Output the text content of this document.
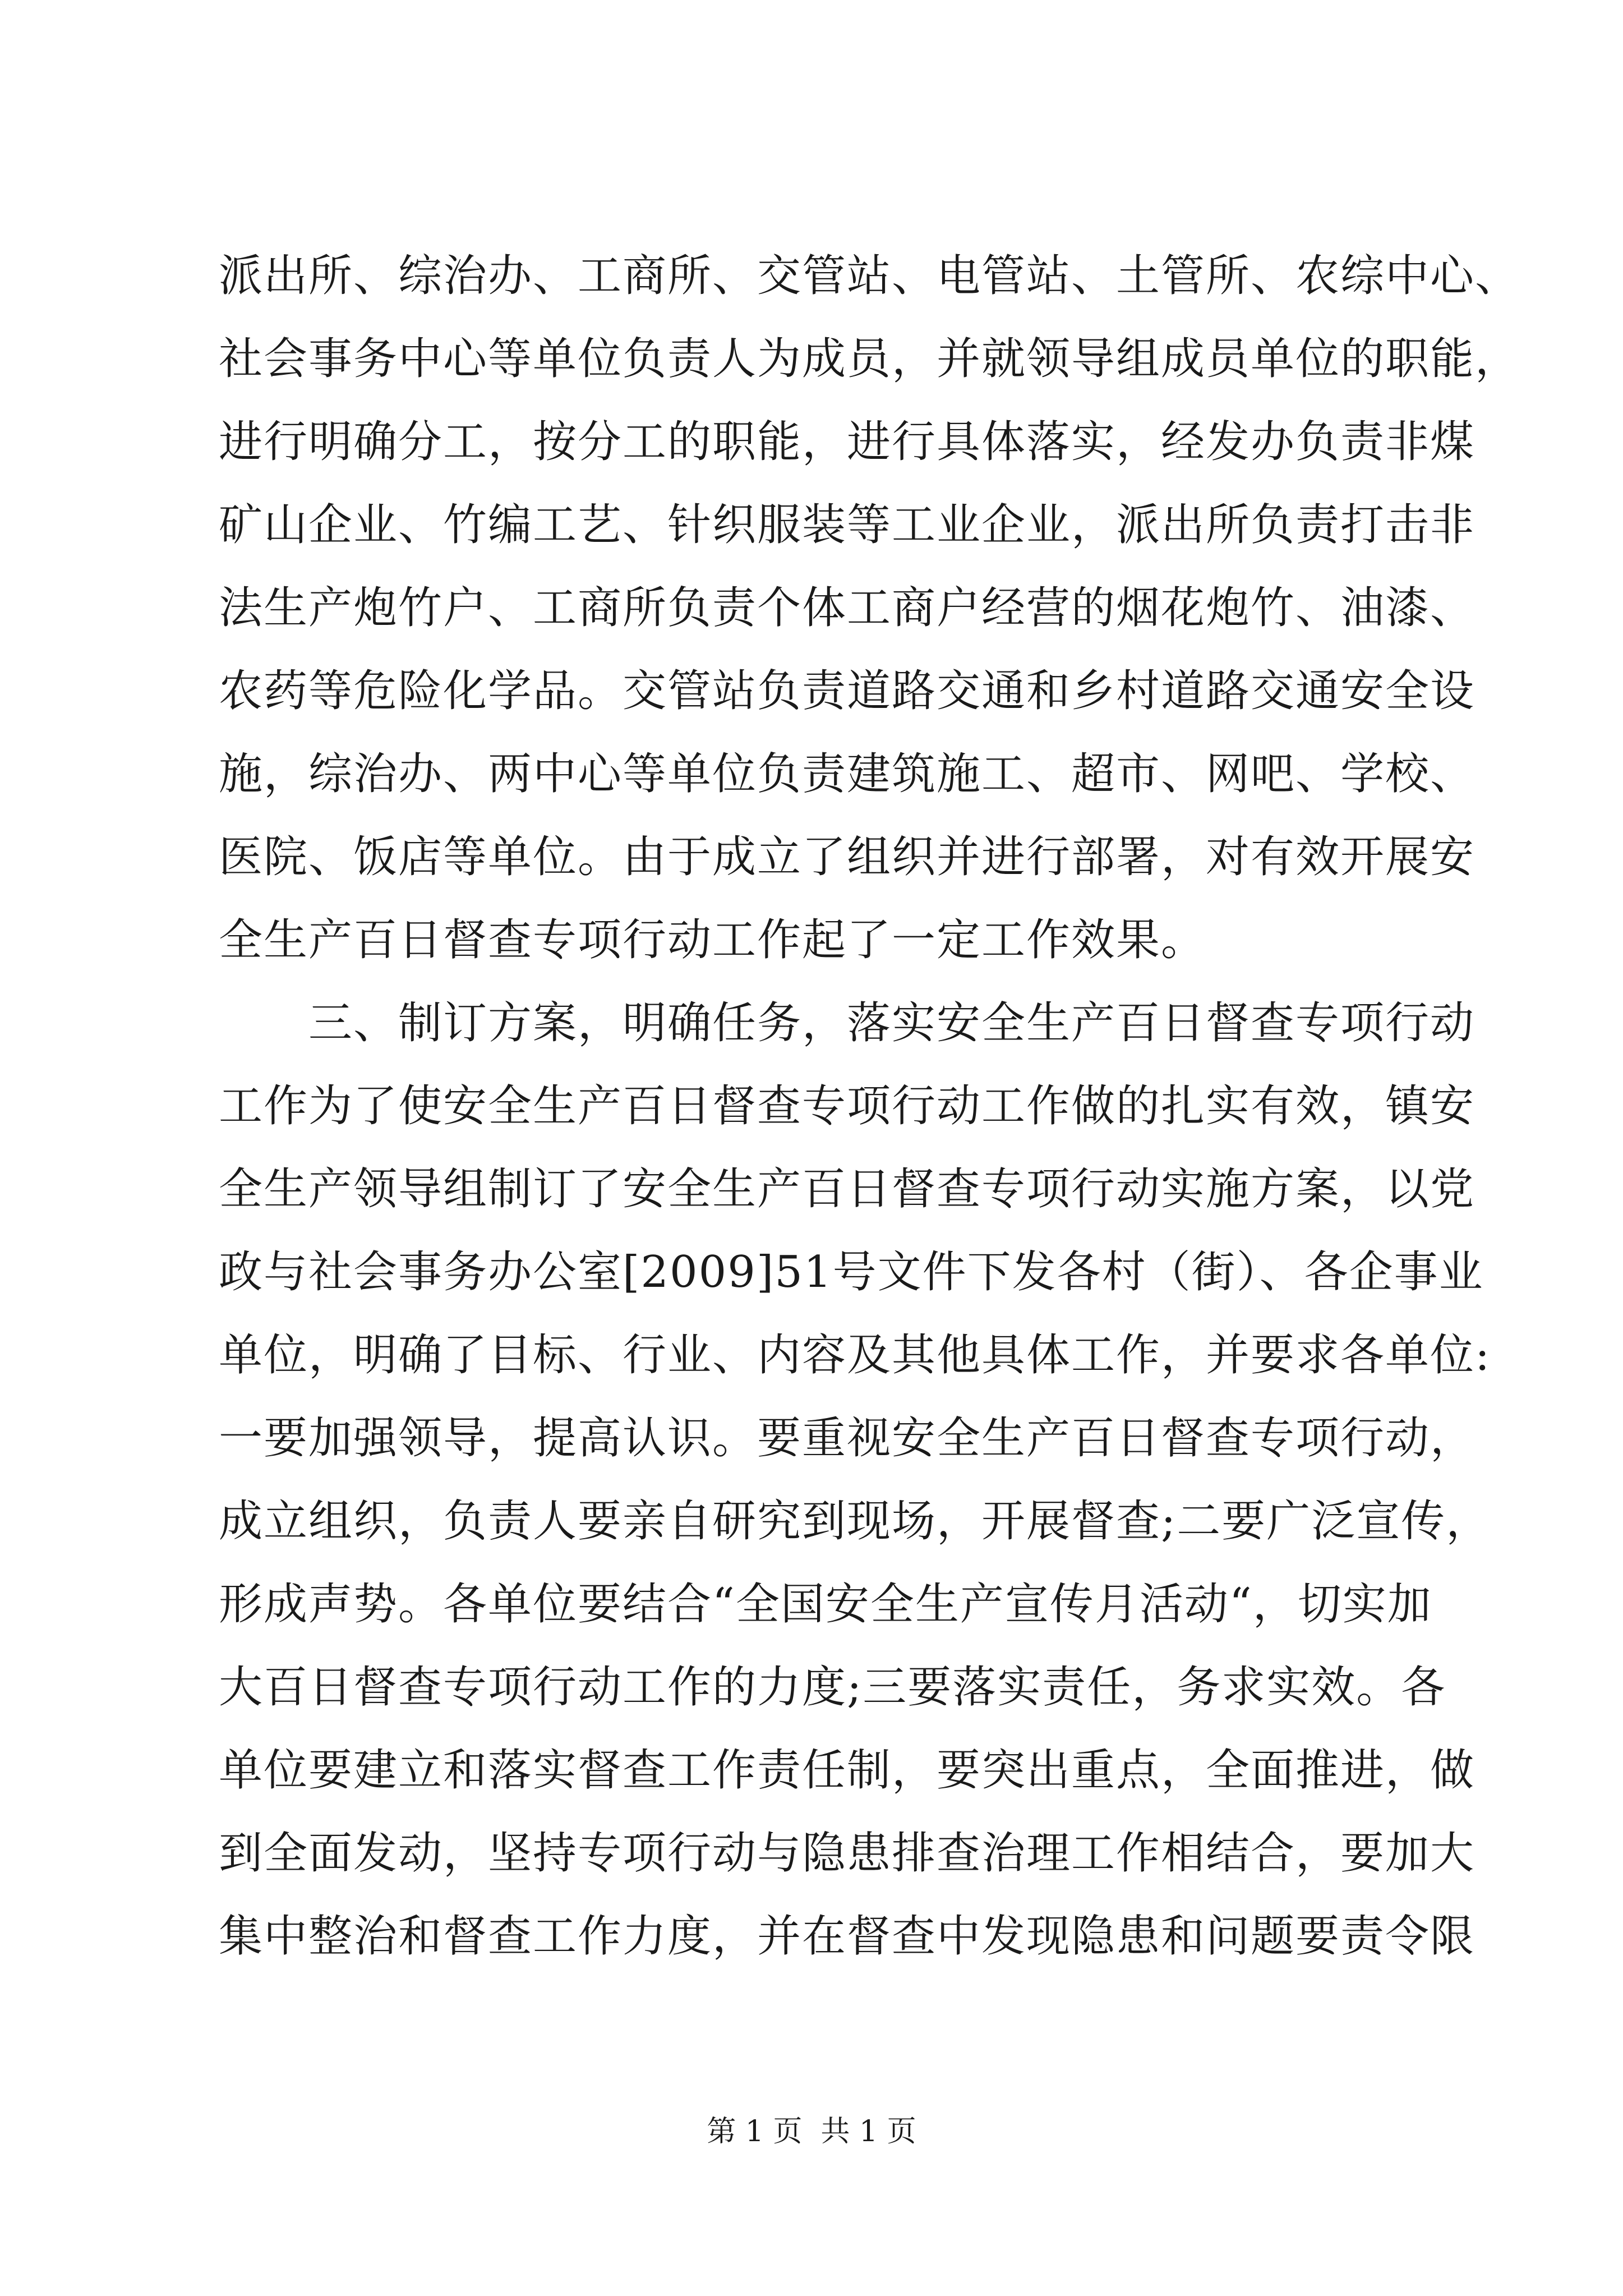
派出所、综治办、工商所、交管站、电管站、土管所、农综中心、
社会事务中心等单位负责人为成员，并就领导组成员单位的职能，
进行明确分工，按分工的职能，进行具体落实，经发办负责非煤
矿山企业、竹编工艺、针织服装等工业企业，派出所负责打击非
法生产炮竹户、工商所负责个体工商户经营的烟花炮竹、油漆、
农药等危险化学品。交管站负责道路交通和乡村道路交通安全设
施，综治办、两中心等单位负责建筑施工、超市、网吧、学校、
医院、饭店等单位。由于成立了组织并进行部署，对有效开展安
全生产百日督查专项行动工作起了一定工作效果。
　　三、制订方案，明确任务，落实安全生产百日督查专项行动
工作为了使安全生产百日督查专项行动工作做的扎实有效，镇安
全生产领导组制订了安全生产百日督查专项行动实施方案，以党
政与社会事务办公室[2009]51号文件下发各村（街）、各企事业
单位，明确了目标、行业、内容及其他具体工作，并要求各单位:
一要加强领导，提高认识。要重视安全生产百日督查专项行动，
成立组织，负责人要亲自研究到现场，开展督查;二要广泛宣传，
形成声势。各单位要结合“全国安全生产宣传月活动“，切实加
大百日督查专项行动工作的力度;三要落实责任，务求实效。各
单位要建立和落实督查工作责任制，要突出重点，全面推进，做
到全面发动，坚持专项行动与隐患排查治理工作相结合，要加大
集中整治和督查工作力度，并在督查中发现隐患和问题要责令限
第 1 页  共 1 页
